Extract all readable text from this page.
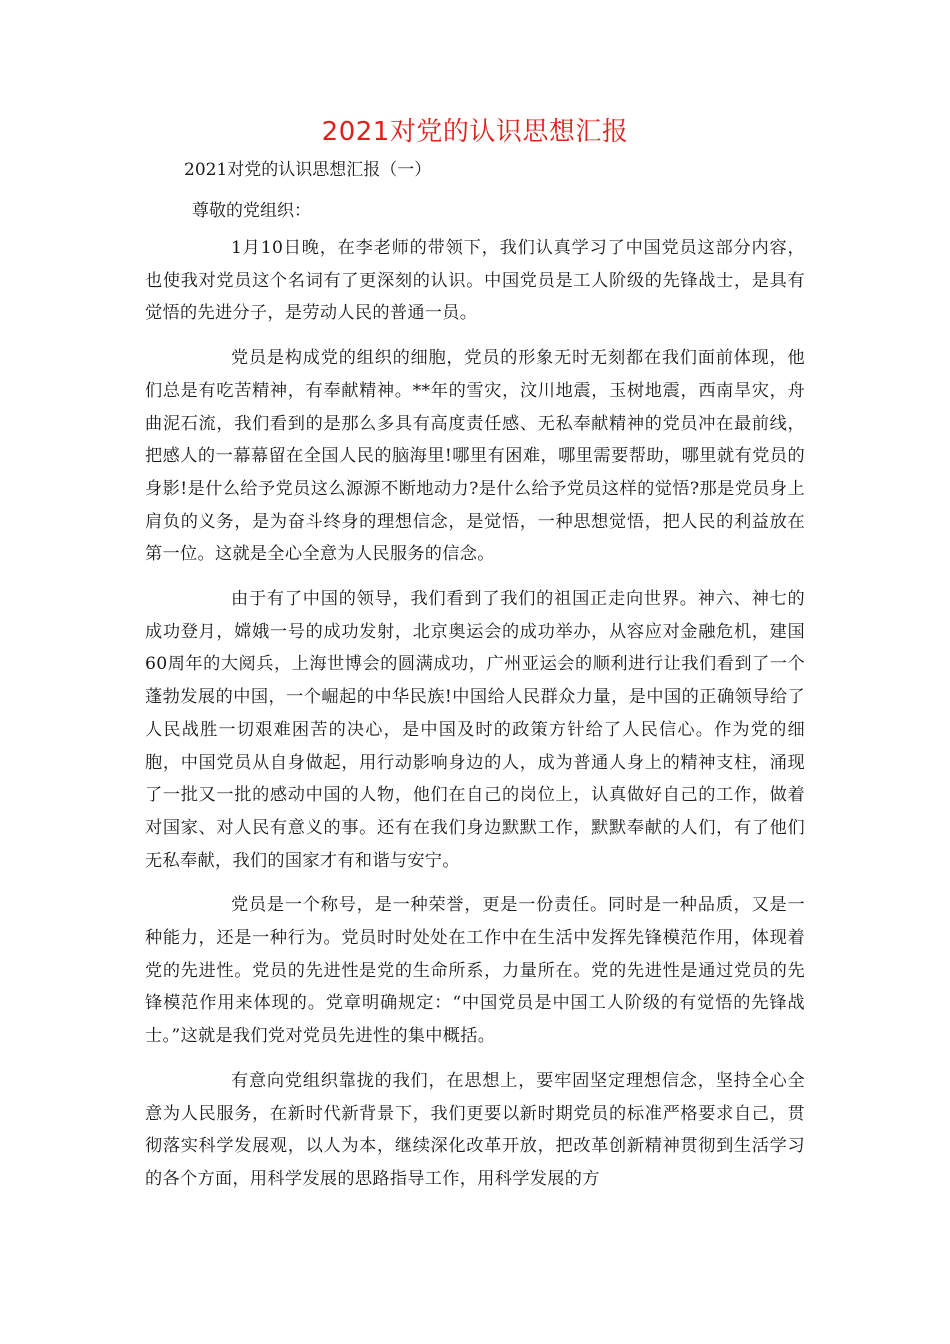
2021对党的认识思想汇报
2021对党的认识思想汇报（一）
尊敬的党组织：

1月10日晚，在李老师的带领下，我们认真学习了中国党员这部分内容，也使我对党员这个名词有了更深刻的认识。中国党员是工人阶级的先锋战士，是具有觉悟的先进分子，是劳动人民的普通一员。

党员是构成党的组织的细胞，党员的形象无时无刻都在我们面前体现，他们总是有吃苦精神，有奉献精神。**年的雪灾，汶川地震，玉树地震，西南旱灾，舟曲泥石流，我们看到的是那么多具有高度责任感、无私奉献精神的党员冲在最前线，把感人的一幕幕留在全国人民的脑海里!哪里有困难，哪里需要帮助，哪里就有党员的身影!是什么给予党员这么源源不断地动力?是什么给予党员这样的觉悟?那是党员身上肩负的义务，是为奋斗终身的理想信念，是觉悟，一种思想觉悟，把人民的利益放在第一位。这就是全心全意为人民服务的信念。

由于有了中国的领导，我们看到了我们的祖国正走向世界。神六、神七的成功登月，嫦娥一号的成功发射，北京奥运会的成功举办，从容应对金融危机，建国60周年的大阅兵，上海世博会的圆满成功，广州亚运会的顺利进行让我们看到了一个蓬勃发展的中国，一个崛起的中华民族!中国给人民群众力量，是中国的正确领导给了人民战胜一切艰难困苦的决心，是中国及时的政策方针给了人民信心。作为党的细胞，中国党员从自身做起，用行动影响身边的人，成为普通人身上的精神支柱，涌现了一批又一批的感动中国的人物，他们在自己的岗位上，认真做好自己的工作，做着对国家、对人民有意义的事。还有在我们身边默默工作，默默奉献的人们，有了他们无私奉献，我们的国家才有和谐与安宁。

党员是一个称号，是一种荣誉，更是一份责任。同时是一种品质，又是一种能力，还是一种行为。党员时时处处在工作中在生活中发挥先锋模范作用，体现着党的先进性。党员的先进性是党的生命所系，力量所在。党的先进性是通过党员的先锋模范作用来体现的。党章明确规定：“中国党员是中国工人阶级的有觉悟的先锋战士。”这就是我们党对党员先进性的集中概括。

有意向党组织靠拢的我们，在思想上，要牢固坚定理想信念，坚持全心全意为人民服务，在新时代新背景下，我们更要以新时期党员的标准严格要求自己，贯彻落实科学发展观，以人为本，继续深化改革开放，把改革创新精神贯彻到生活学习的各个方面，用科学发展的思路指导工作，用科学发展的方
